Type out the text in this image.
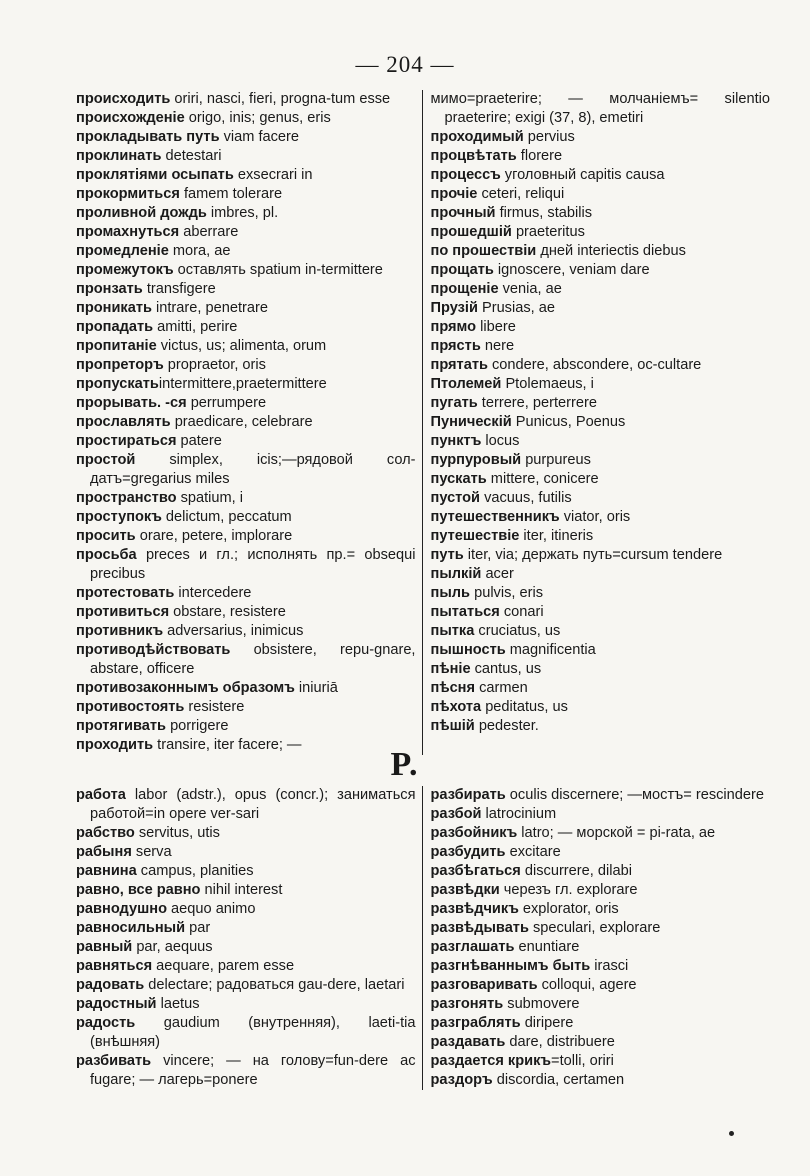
— 204 —
происходить oriri, nasci, fieri, progna-tum esse
происхожденіе origo, inis; genus, eris
прокладывать путь viam facere
проклинать detestari
проклятіями осыпать exsecrari in
прокормиться famem tolerare
проливной дождь imbres, pl.
промахнуться aberrare
промедленіе mora, ae
промежутокъ оставлять spatium in-termittere
пронзать transfigere
проникать intrare, penetrare
пропадать amitti, perire
пропитаніе victus, us; alimenta, orum
пропреторъ propraetor, oris
пропускатьintermittere,praetermittere
прорывать. -ся perrumpere
прославлять praedicare, celebrare
простираться patere
простой simplex, icis;—рядовой сол-датъ=gregarius miles
пространство spatium, i
проступокъ delictum, peccatum
просить orare, petere, implorare
просьба preces и гл.; исполнять пр.= obsequi precibus
протестовать intercedere
противиться obstare, resistere
противникъ adversarius, inimicus
противодѣйствовать obsistere, repu-gnare, abstare, officere
противозаконнымъ образомъ iniuriā
противостоять resistere
протягивать porrigere
проходить transire, iter facere; —
мимо=praeterire; — молчаніемъ= silentio praeterire; exigi (37, 8), emetiri
проходимый pervius
процвѣтать florere
процессъ уголовный capitis causa
прочіе ceteri, reliqui
прочный firmus, stabilis
прошедшій praeteritus
по прошествіи дней interiectis diebus
прощать ignoscere, veniam dare
прощеніе venia, ae
Прузій Prusias, ae
прямо libere
прясть nere
прятать condere, abscondere, oc-cultare
Птолемей Ptolemaeus, i
пугать terrere, perterrere
Пуническій Punicus, Poenus
пунктъ locus
пурпуровый purpureus
пускать mittere, conicere
пустой vacuus, futilis
путешественникъ viator, oris
путешествіе iter, itineris
путь iter, via; держать путь=cursum tendere
пылкій acer
пыль pulvis, eris
пытаться conari
пытка cruciatus, us
пышность magnificentia
пѣніе cantus, us
пѣсня carmen
пѣхота peditatus, us
пѣшій pedester.
Р.
работа labor (adstr.), opus (concr.); заниматься работой=in opere ver-sari
рабство servitus, utis
рабыня serva
равнина campus, planities
равно, все равно nihil interest
равнодушно aequo animo
равносильный par
равный par, aequus
равняться aequare, parem esse
радовать delectare; радоваться gau-dere, laetari
радостный laetus
радость gaudium (внутренняя), laeti-tia (внѣшняя)
разбивать vincere; — на голову=fun-dere ac fugare; — лагерь=ponere
разбирать oculis discernere; —мостъ= rescindere
разбой latrocinium
разбойникъ latro; — морской = pi-rata, ae
разбудить excitare
разбѣгаться discurrere, dilabi
развѣдки черезъ гл. explorare
развѣдчикъ explorator, oris
развѣдывать speculari, explorare
разглашать enuntiare
разгнѣваннымъ быть irasci
разговаривать colloqui, agere
разгонять submovere
разграблять diripere
раздавать dare, distribuere
раздается крикъ=tolli, oriri
раздоръ discordia, certamen
